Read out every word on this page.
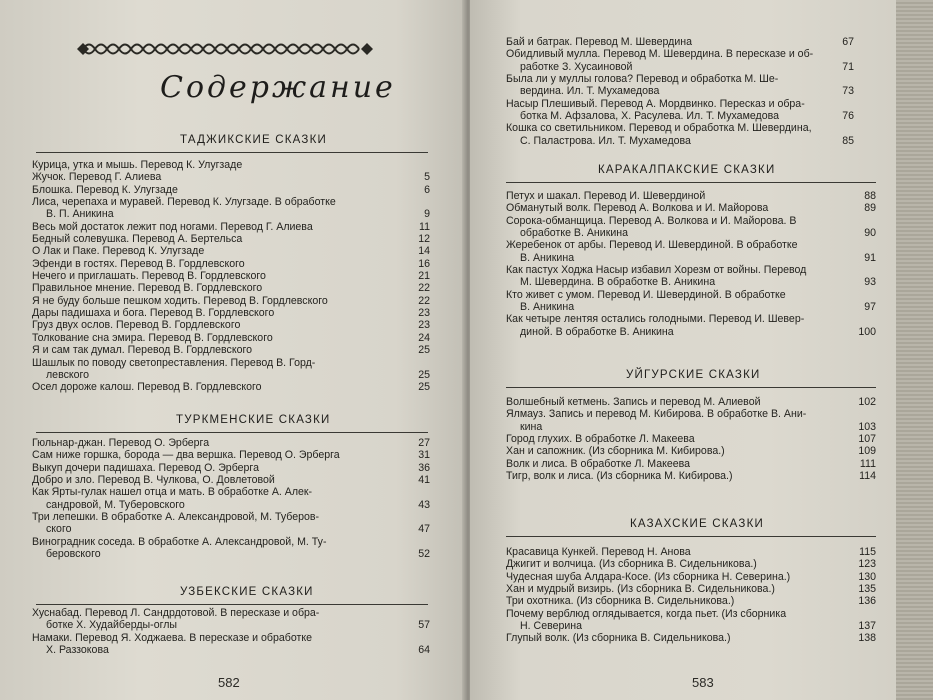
Содержание
ТАДЖИКСКИЕ СКАЗКИ
Курица, утка и мышь. Перевод К. Улугзаде
Жучок. Перевод Г. Алиева	5
Блошка. Перевод К. Улугзаде	6
Лиса, черепаха и муравей. Перевод К. Улугзаде. В обработке
В. П. Аникина	9
Весь мой достаток лежит под ногами. Перевод Г. Алиева	11
Бедный солевушка. Перевод А. Бертельса	12
О Лак и Паке. Перевод К. Улугзаде	14
Эфенди в гостях. Перевод В. Гордлевского	16
Нечего и приглашать. Перевод В. Гордлевского	21
Правильное мнение. Перевод В. Гордлевского	22
Я не буду больше пешком ходить. Перевод В. Гордлевского	22
Дары падишаха и бога. Перевод В. Гордлевского	23
Груз двух ослов. Перевод В. Гордлевского	23
Толкование сна эмира. Перевод В. Гордлевского	24
Я и сам так думал. Перевод В. Гордлевского	25
Шашлык по поводу светопреставления. Перевод В. Горд-
левского	25
Осел дороже калош. Перевод В. Гордлевского	25
ТУРКМЕНСКИЕ СКАЗКИ
Гюльнар-джан. Перевод О. Эрберга	27
Сам ниже горшка, борода — два вершка. Перевод О. Эрберга	31
Выкуп дочери падишаха. Перевод О. Эрберга	36
Добро и зло. Перевод В. Чулкова, О. Довлетовой	41
Как Ярты-гулак нашел отца и мать. В обработке А. Алек-
сандровой, М. Туберовского	43
Три лепешки. В обработке А. Александровой, М. Туберов-
ского	47
Виноградник соседа. В обработке А. Александровой, М. Ту-
беровского	52
УЗБЕКСКИЕ СКАЗКИ
Хуснабад. Перевод Л. Сандрдотовой. В пересказе и обра-
ботке Х. Худайберды-оглы	57
Намаки. Перевод Я. Ходжаева. В пересказе и обработке
Х. Раззокова	64
582
Бай и батрак. Перевод М. Шевердина	67
Обидливый мулла. Перевод М. Шевердина. В пересказе и об-
работке З. Хусаиновой	71
Была ли у муллы голова? Перевод и обработка М. Ше-
вердина. Ил. Т. Мухамедова	73
Насыр Плешивый. Перевод А. Мордвинко. Пересказ и обра-
ботка М. Афзалова, Х. Расулева. Ил. Т. Мухамедова	76
Кошка со светильником. Перевод и обработка М. Шевердина,
С. Паластрова. Ил. Т. Мухамедова	85
КАРАКАЛПАКСКИЕ СКАЗКИ
Петух и шакал. Перевод И. Шевердиной	88
Обманутый волк. Перевод А. Волкова и И. Майорова	89
Сорока-обманщица. Перевод А. Волкова и И. Майорова. В
обработке В. Аникина	90
Жеребенок от арбы. Перевод И. Шевердиной. В обработке
В. Аникина	91
Как пастух Ходжа Насыр избавил Хорезм от войны. Перевод
М. Шевердина. В обработке В. Аникина	93
Кто живет с умом. Перевод И. Шевердиной. В обработке
В. Аникина	97
Как четыре лентяя остались голодными. Перевод И. Шевер-
диной. В обработке В. Аникина	100
УЙГУРСКИЕ СКАЗКИ
Волшебный кетмень. Запись и перевод М. Алиевой	102
Ялмауз. Запись и перевод М. Кибирова. В обработке В. Ани-
кина	103
Город глухих. В обработке Л. Макеева	107
Хан и сапожник. (Из сборника М. Кибирова.)	109
Волк и лиса. В обработке Л. Макеева	111
Тигр, волк и лиса. (Из сборника М. Кибирова.)	114
КАЗАХСКИЕ СКАЗКИ
Красавица Кункей. Перевод Н. Анова	115
Джигит и волчица. (Из сборника В. Сидельникова.)	123
Чудесная шуба Алдара-Косе. (Из сборника Н. Северина.)	130
Хан и мудрый визирь. (Из сборника В. Сидельникова.)	135
Три охотника. (Из сборника В. Сидельникова.)	136
Почему верблюд оглядывается, когда пьет. (Из сборника
Н. Северина	137
Глупый волк. (Из сборника В. Сидельникова.)	138
583
